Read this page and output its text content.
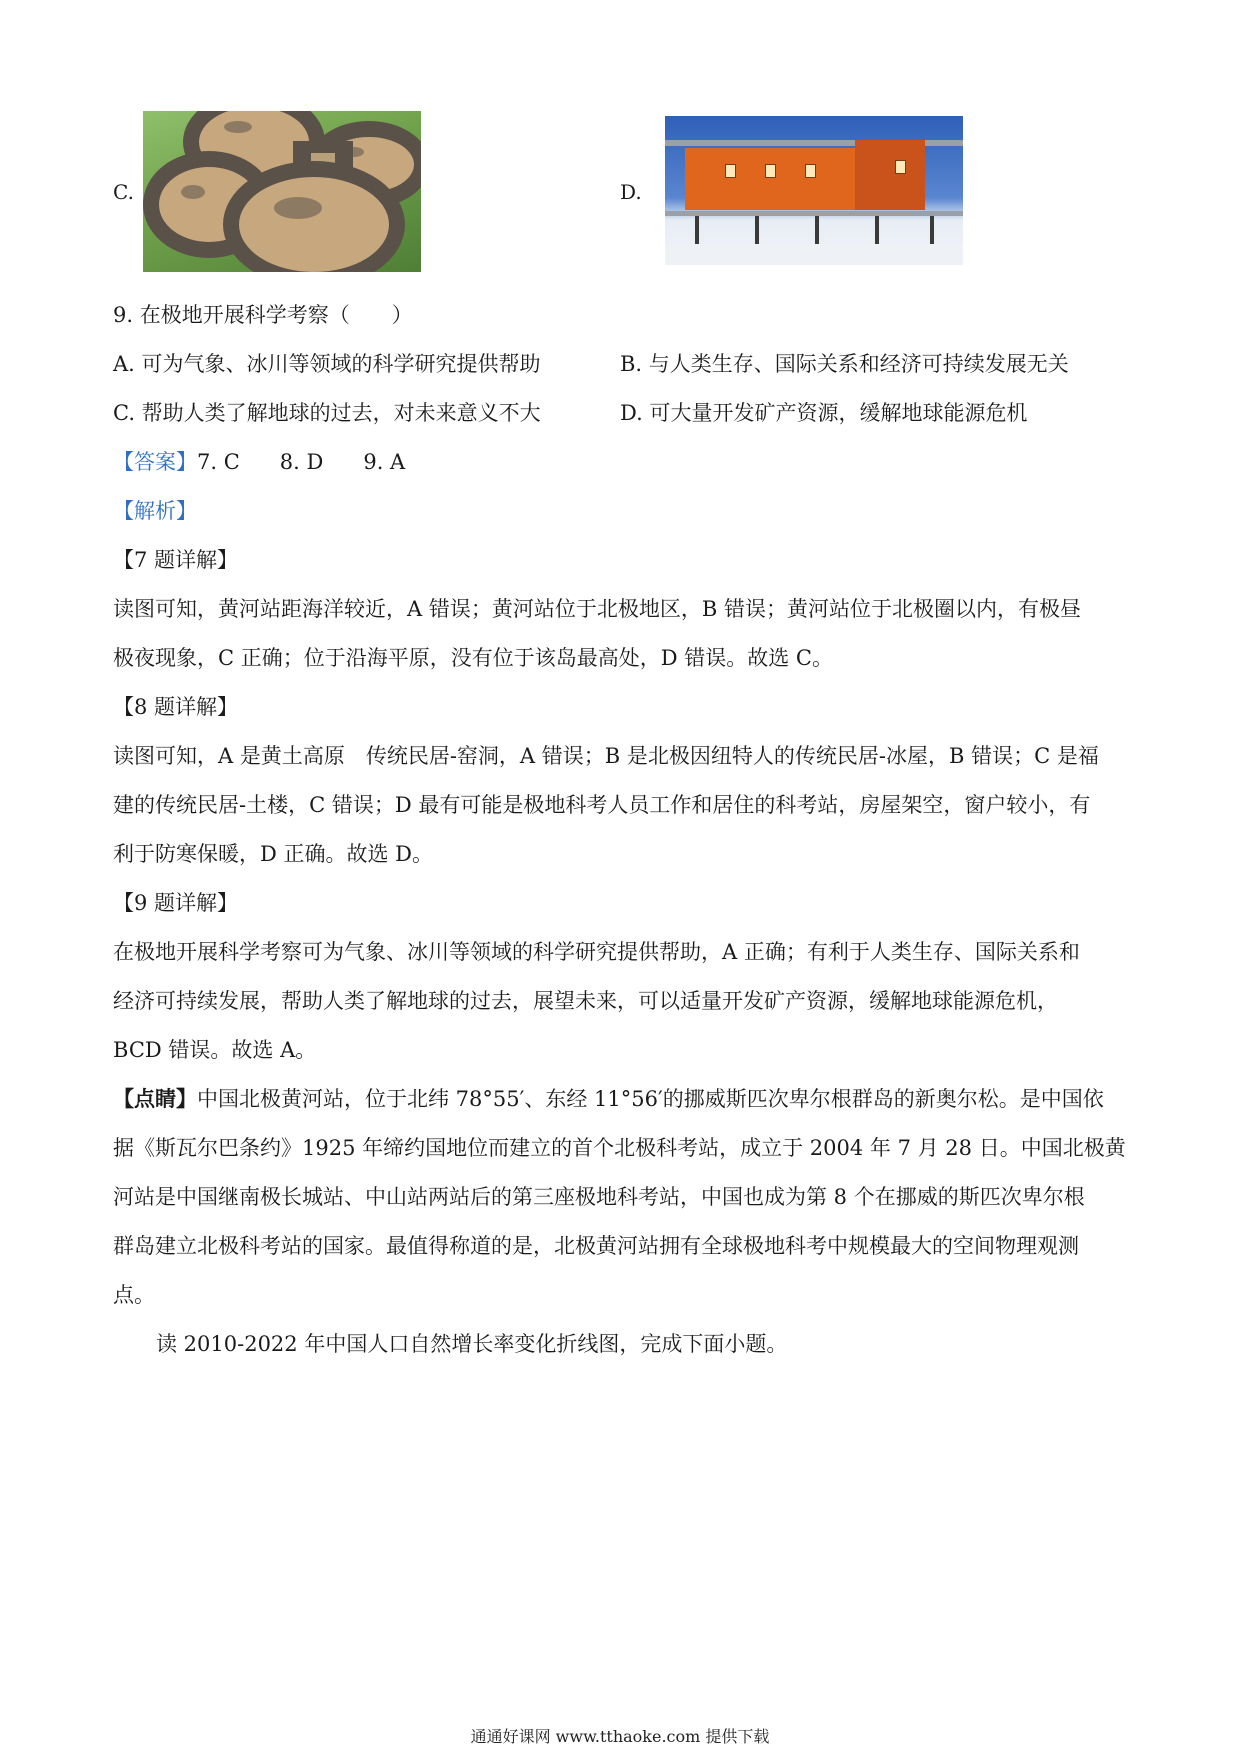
C.	D.
9. 在极地开展科学考察（　　）
A. 可为气象、冰川等领域的科学研究提供帮助	B. 与人类生存、国际关系和经济可持续发展无关
C. 帮助人类了解地球的过去，对未来意义不大	D. 可大量开发矿产资源，缓解地球能源危机
【答案】7. C 8. D 9. A
【解析】
【7 题详解】
读图可知，黄河站距海洋较近，A 错误；黄河站位于北极地区，B 错误；黄河站位于北极圈以内，有极昼
极夜现象，C 正确；位于沿海平原，没有位于该岛最高处，D 错误。故选 C。
【8 题详解】
读图可知，A 是黄土高原　传统民居-窑洞，A 错误；B 是北极因纽特人的传统民居-冰屋，B 错误；C 是福
建的传统民居-土楼，C 错误；D 最有可能是极地科考人员工作和居住的科考站，房屋架空，窗户较小，有
利于防寒保暖，D 正确。故选 D。
【9 题详解】
在极地开展科学考察可为气象、冰川等领域的科学研究提供帮助，A 正确；有利于人类生存、国际关系和
经济可持续发展，帮助人类了解地球的过去，展望未来，可以适量开发矿产资源，缓解地球能源危机，
BCD 错误。故选 A。
【点睛】中国北极黄河站，位于北纬 78°55′、东经 11°56′的挪威斯匹次卑尔根群岛的新奥尔松。是中国依
据《斯瓦尔巴条约》1925 年缔约国地位而建立的首个北极科考站，成立于 2004 年 7 月 28 日。中国北极黄
河站是中国继南极长城站、中山站两站后的第三座极地科考站，中国也成为第 8 个在挪威的斯匹次卑尔根
群岛建立北极科考站的国家。最值得称道的是，北极黄河站拥有全球极地科考中规模最大的空间物理观测
点。
读 2010-2022 年中国人口自然增长率变化折线图，完成下面小题。
通通好课网 www.tthaoke.com 提供下载
